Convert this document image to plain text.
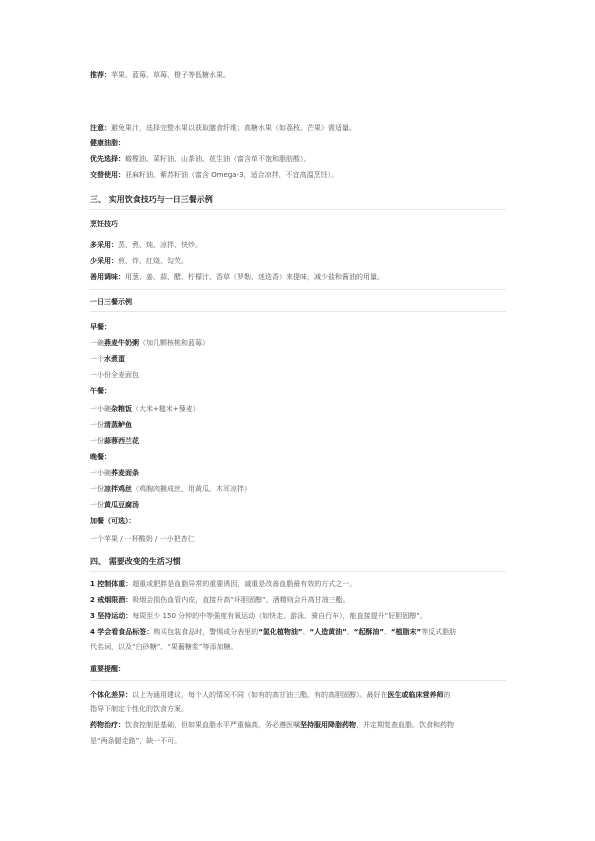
推荐：苹果、蓝莓、草莓、橙子等低糖水果。
注意：避免果汁，选择完整水果以获取膳食纤维；高糖水果（如荔枝、芒果）需适量。
健康油脂：
优先选择：橄榄油、菜籽油、山茶油、花生油（富含单不饱和脂肪酸）。
交替使用：亚麻籽油、紫苏籽油（富含 Omega-3，适合凉拌，不宜高温烹饪）。
三、 实用饮食技巧与一日三餐示例
烹饪技巧
多采用：蒸、煮、炖、凉拌、快炒。
少采用：煎、炸、红烧、勾芡。
善用调味：用葱、姜、蒜、醋、柠檬汁、香草（罗勒、迷迭香）来提味，减少盐和酱油的用量。
一日三餐示例
早餐：
一碗燕麦牛奶粥（加几颗核桃和蓝莓）
一个水煮蛋
一小份全麦面包
午餐：
一小碗杂粮饭（大米+糙米+藜麦）
一份清蒸鲈鱼
一份蒜蓉西兰花
晚餐：
一小碗荞麦面条
一份凉拌鸡丝（鸡胸肉撕成丝，用黄瓜、木耳凉拌）
一份黄瓜豆腐汤
加餐（可选）：
一个苹果 / 一杯酸奶 / 一小把杏仁
四、 需要改变的生活习惯
1 控制体重：超重或肥胖是血脂异常的重要诱因，减重是改善血脂最有效的方式之一。
2 戒烟限酒：吸烟会损伤血管内皮，直接升高“坏胆固醇”。酒精则会升高甘油三酯。
3 坚持运动：每周至少 150 分钟的中等强度有氧运动（如快走、游泳、骑自行车），能直接提升“好胆固醇”。
4 学会看食品标签：购买包装食品时，警惕成分表里的“氢化植物油”、“人造黄油”、“起酥油”、“植脂末”等反式脂肪
代名词，以及“白砂糖”、“果葡糖浆”等添加糖。
重要提醒：
个体化差异：以上为通用建议，每个人的情况不同（如有的高甘油三酯，有的高胆固醇）。最好在医生或临床营养师的
指导下制定个性化的饮食方案。
药物治疗：饮食控制是基础，但如果血脂水平严重偏高，务必遵医嘱坚持服用降脂药物，并定期复查血脂。饮食和药物
是“两条腿走路”，缺一不可。
